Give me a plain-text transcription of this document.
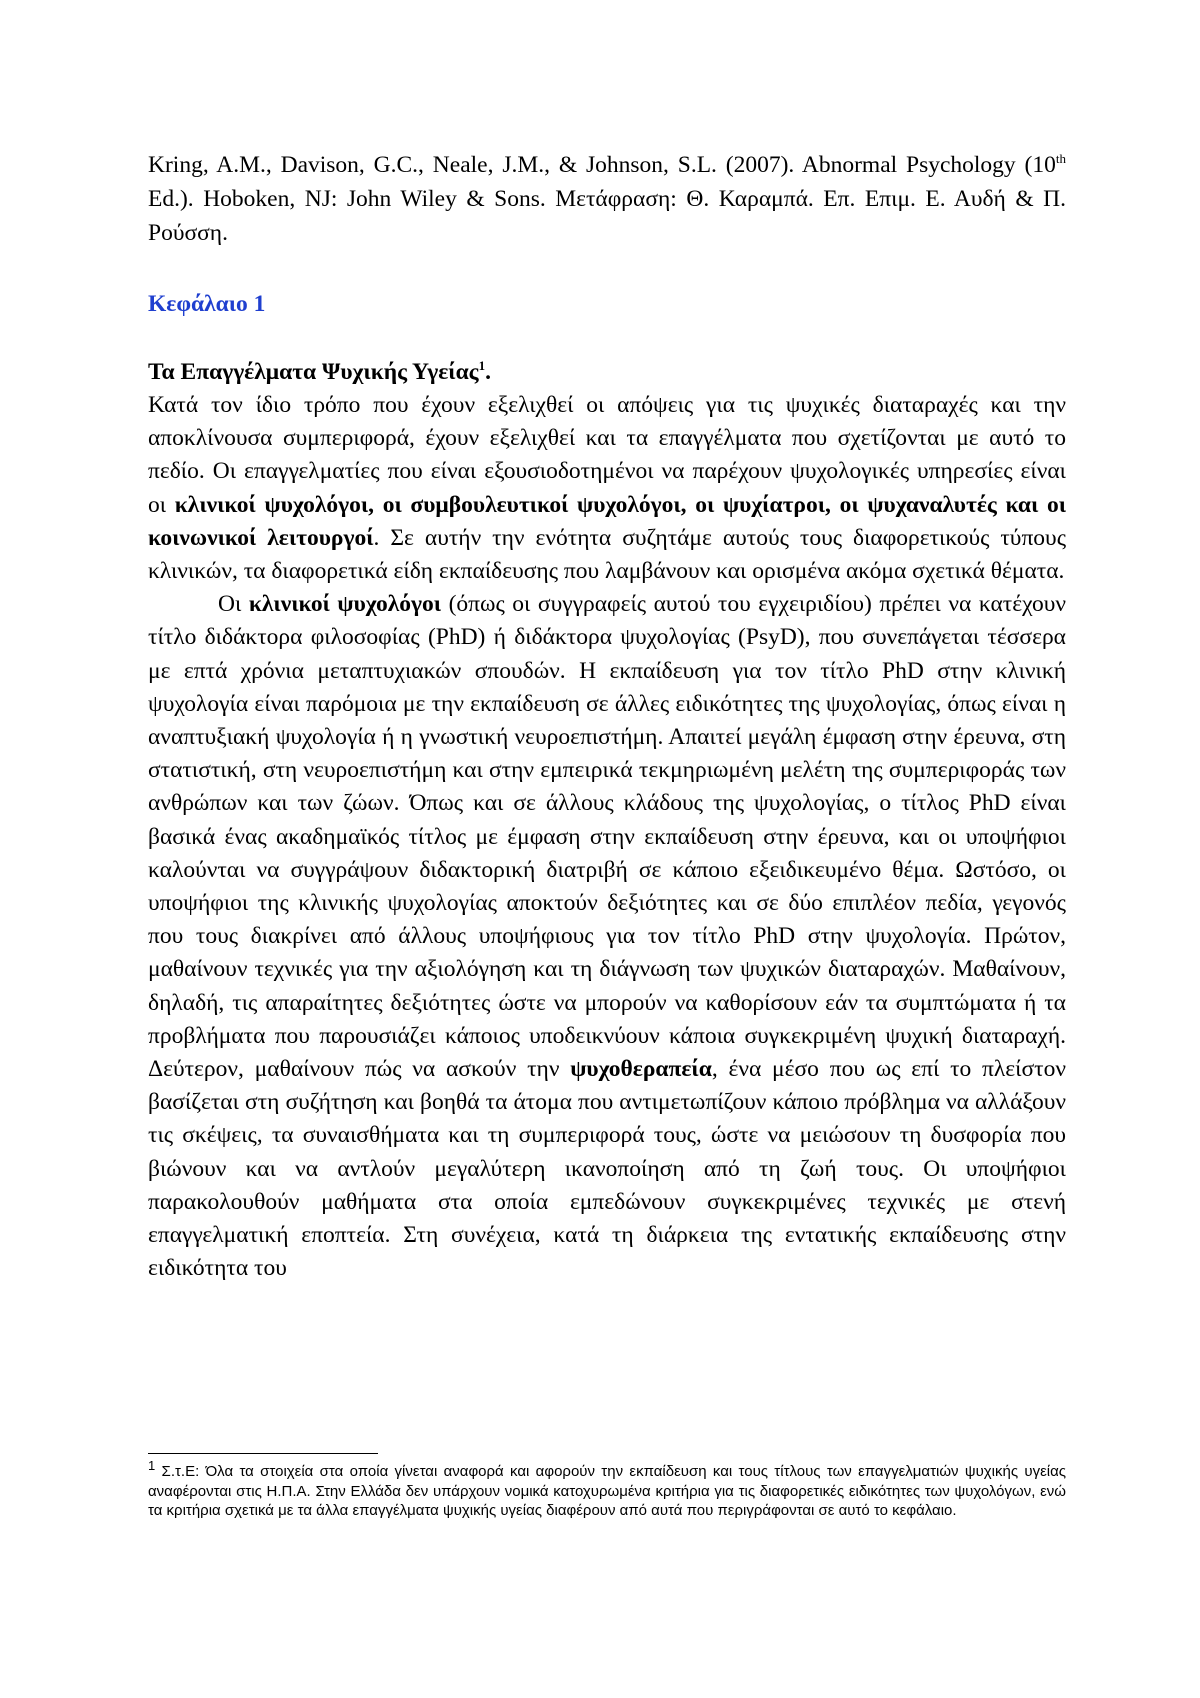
Kring, A.M., Davison, G.C., Neale, J.M., & Johnson, S.L. (2007). Abnormal Psychology (10th Ed.). Hoboken, NJ: John Wiley & Sons. Μετάφραση: Θ. Καραμπά. Επ. Επιμ. Ε. Αυδή & Π. Ρούσση.

Κεφάλαιο 1
Τα Επαγγέλματα Ψυχικής Υγείας$^1$.

Κατά τον ίδιο τρόπο που έχουν εξελιχθεί οι απόψεις για τις ψυχικές διαταραχές και την αποκλίνουσα συμπεριφορά, έχουν εξελιχθεί και τα επαγγέλματα που σχετίζονται με αυτό το πεδίο. Οι επαγγελματίες που είναι εξουσιοδοτημένοι να παρέχουν ψυχολογικές υπηρεσίες είναι οι κλινικοί ψυχολόγοι, οι συμβουλευτικοί ψυχολόγοι, οι ψυχίατροι, οι ψυχαναλυτές και οι κοινωνικοί λειτουργοί. Σε αυτήν την ενότητα συζητάμε αυτούς τους διαφορετικούς τύπους κλινικών, τα διαφορετικά είδη εκπαίδευσης που λαμβάνουν και ορισμένα ακόμα σχετικά θέματα.

Οι κλινικοί ψυχολόγοι (όπως οι συγγραφείς αυτού του εγχειριδίου) πρέπει να κατέχουν τίτλο διδάκτορα φιλοσοφίας (PhD) ή διδάκτορα ψυχολογίας (PsyD), που συνεπάγεται τέσσερα με επτά χρόνια μεταπτυχιακών σπουδών. Η εκπαίδευση για τον τίτλο PhD στην κλινική ψυχολογία είναι παρόμοια με την εκπαίδευση σε άλλες ειδικότητες της ψυχολογίας, όπως είναι η αναπτυξιακή ψυχολογία ή η γνωστική νευροεπιστήμη. Απαιτεί μεγάλη έμφαση στην έρευνα, στη στατιστική, στη νευροεπιστήμη και στην εμπειρικά τεκμηριωμένη μελέτη της συμπεριφοράς των ανθρώπων και των ζώων. Όπως και σε άλλους κλάδους της ψυχολογίας, ο τίτλος PhD είναι βασικά ένας ακαδημαϊκός τίτλος με έμφαση στην εκπαίδευση στην έρευνα, και οι υποψήφιοι καλούνται να συγγράψουν διδακτορική διατριβή σε κάποιο εξειδικευμένο θέμα. Ωστόσο, οι υποψήφιοι της κλινικής ψυχολογίας αποκτούν δεξιότητες και σε δύο επιπλέον πεδία, γεγονός που τους διακρίνει από άλλους υποψήφιους για τον τίτλο PhD στην ψυχολογία. Πρώτον, μαθαίνουν τεχνικές για την αξιολόγηση και τη διάγνωση των ψυχικών διαταραχών. Μαθαίνουν, δηλαδή, τις απαραίτητες δεξιότητες ώστε να μπορούν να καθορίσουν εάν τα συμπτώματα ή τα προβλήματα που παρουσιάζει κάποιος υποδεικνύουν κάποια συγκεκριμένη ψυχική διαταραχή. Δεύτερον, μαθαίνουν πώς να ασκούν την ψυχοθεραπεία, ένα μέσο που ως επί το πλείστον βασίζεται στη συζήτηση και βοηθά τα άτομα που αντιμετωπίζουν κάποιο πρόβλημα να αλλάξουν τις σκέψεις, τα συναισθήματα και τη συμπεριφορά τους, ώστε να μειώσουν τη δυσφορία που βιώνουν και να αντλούν μεγαλύτερη ικανοποίηση από τη ζωή τους. Οι υποψήφιοι παρακολουθούν μαθήματα στα οποία εμπεδώνουν συγκεκριμένες τεχνικές με στενή επαγγελματική εποπτεία. Στη συνέχεια, κατά τη διάρκεια της εντατικής εκπαίδευσης στην ειδικότητα του

$^1$ Σ.τ.Ε: Όλα τα στοιχεία στα οποία γίνεται αναφορά και αφορούν την εκπαίδευση και τους τίτλους των επαγγελματιών ψυχικής υγείας αναφέρονται στις Η.Π.Α. Στην Ελλάδα δεν υπάρχουν νομικά κατοχυρωμένα κριτήρια για τις διαφορετικές ειδικότητες των ψυχολόγων, ενώ τα κριτήρια σχετικά με τα άλλα επαγγέλματα ψυχικής υγείας διαφέρουν από αυτά που περιγράφονται σε αυτό το κεφάλαιο.
